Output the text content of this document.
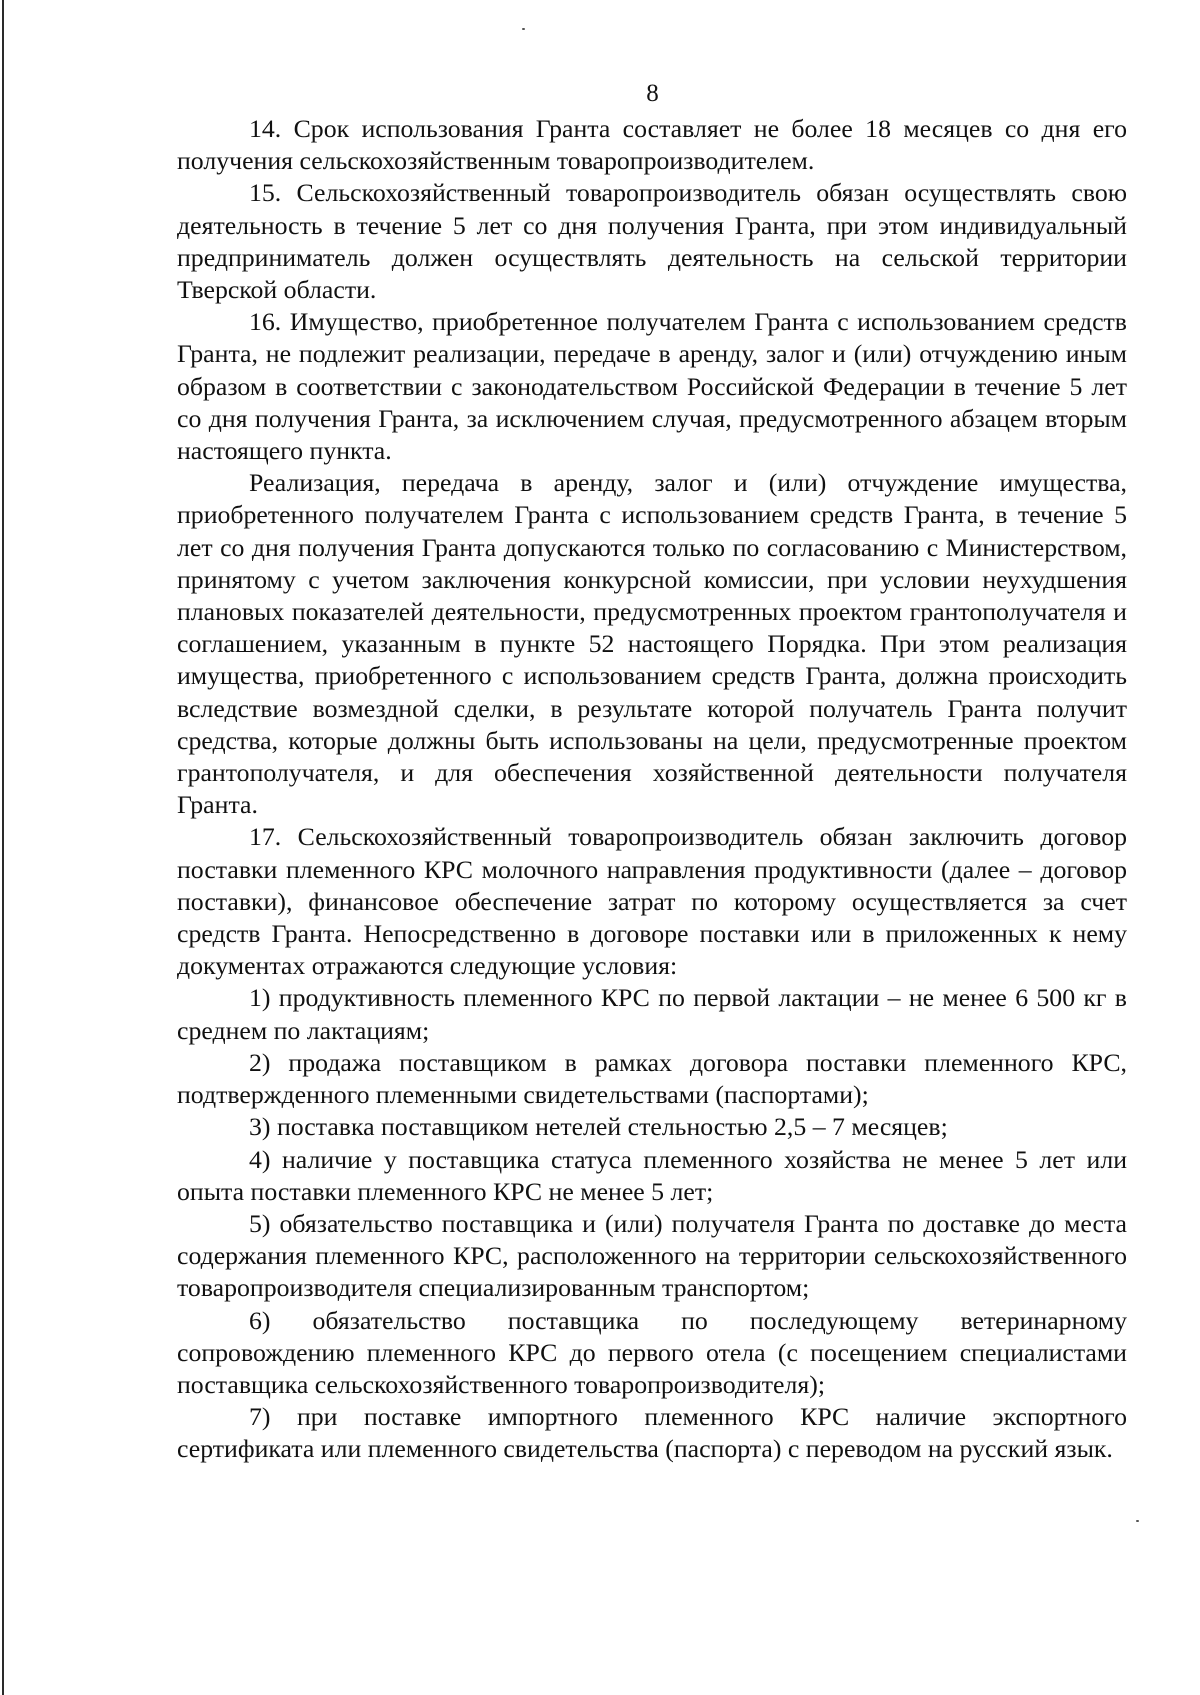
8

14. Срок использования Гранта составляет не более 18 месяцев со дня его получения сельскохозяйственным товаропроизводителем.

15. Сельскохозяйственный товаропроизводитель обязан осуществлять свою деятельность в течение 5 лет со дня получения Гранта, при этом индивидуальный предприниматель должен осуществлять деятельность на сельской территории Тверской области.

16. Имущество, приобретенное получателем Гранта с использованием средств Гранта, не подлежит реализации, передаче в аренду, залог и (или) отчуждению иным образом в соответствии с законодательством Российской Федерации в течение 5 лет со дня получения Гранта, за исключением случая, предусмотренного абзацем вторым настоящего пункта.

Реализация, передача в аренду, залог и (или) отчуждение имущества, приобретенного получателем Гранта с использованием средств Гранта, в течение 5 лет со дня получения Гранта допускаются только по согласованию с Министерством, принятому с учетом заключения конкурсной комиссии, при условии неухудшения плановых показателей деятельности, предусмотренных проектом грантополучателя и соглашением, указанным в пункте 52 настоящего Порядка. При этом реализация имущества, приобретенного с использованием средств Гранта, должна происходить вследствие возмездной сделки, в результате которой получатель Гранта получит средства, которые должны быть использованы на цели, предусмотренные проектом грантополучателя, и для обеспечения хозяйственной деятельности получателя Гранта.

17. Сельскохозяйственный товаропроизводитель обязан заключить договор поставки племенного КРС молочного направления продуктивности (далее – договор поставки), финансовое обеспечение затрат по которому осуществляется за счет средств Гранта. Непосредственно в договоре поставки или в приложенных к нему документах отражаются следующие условия:

1) продуктивность племенного КРС по первой лактации – не менее 6 500 кг в среднем по лактациям;

2) продажа поставщиком в рамках договора поставки племенного КРС, подтвержденного племенными свидетельствами (паспортами);

3) поставка поставщиком нетелей стельностью 2,5 – 7 месяцев;

4) наличие у поставщика статуса племенного хозяйства не менее 5 лет или опыта поставки племенного КРС не менее 5 лет;

5) обязательство поставщика и (или) получателя Гранта по доставке до места содержания племенного КРС, расположенного на территории сельскохозяйственного товаропроизводителя специализированным транспортом;

6) обязательство поставщика по последующему ветеринарному сопровождению племенного КРС до первого отела (с посещением специалистами поставщика сельскохозяйственного товаропроизводителя);

7) при поставке импортного племенного КРС наличие экспортного сертификата или племенного свидетельства (паспорта) с переводом на русский язык.
